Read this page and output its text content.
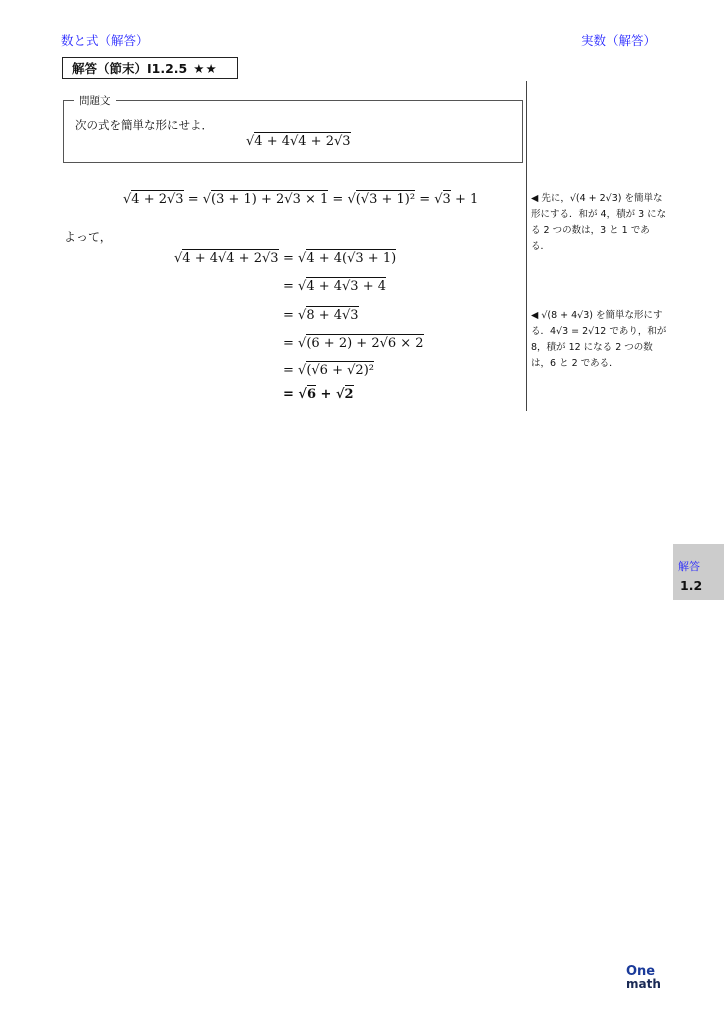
数と式（解答）	実数（解答）
解答（節末）I1.2.5 ★★
問題文
次の式を簡単な形にせよ．
√4 + 4√4 + 2√3
√4 + 2√3 = √(3 + 1) + 2√3 × 1 = √(√3 + 1)² = √3 + 1
よって，
√4 + 4√4 + 2√3 = √4 + 4(√3 + 1)
= √4 + 4√3 + 4
= √8 + 4√3
= √(6 + 2) + 2√6 × 2
= √(√6 + √2)²
= √6 + √2
◀ 先に，√(4 + 2√3) を簡単な形にする．和が 4，積が 3 になる 2 つの数は，3 と 1 である．
◀ √(8 + 4√3) を簡単な形にする．4√3 = 2√12 であり，和が 8，積が 12 になる 2 つの数は，6 と 2 である．
解答
1.2
One
math
